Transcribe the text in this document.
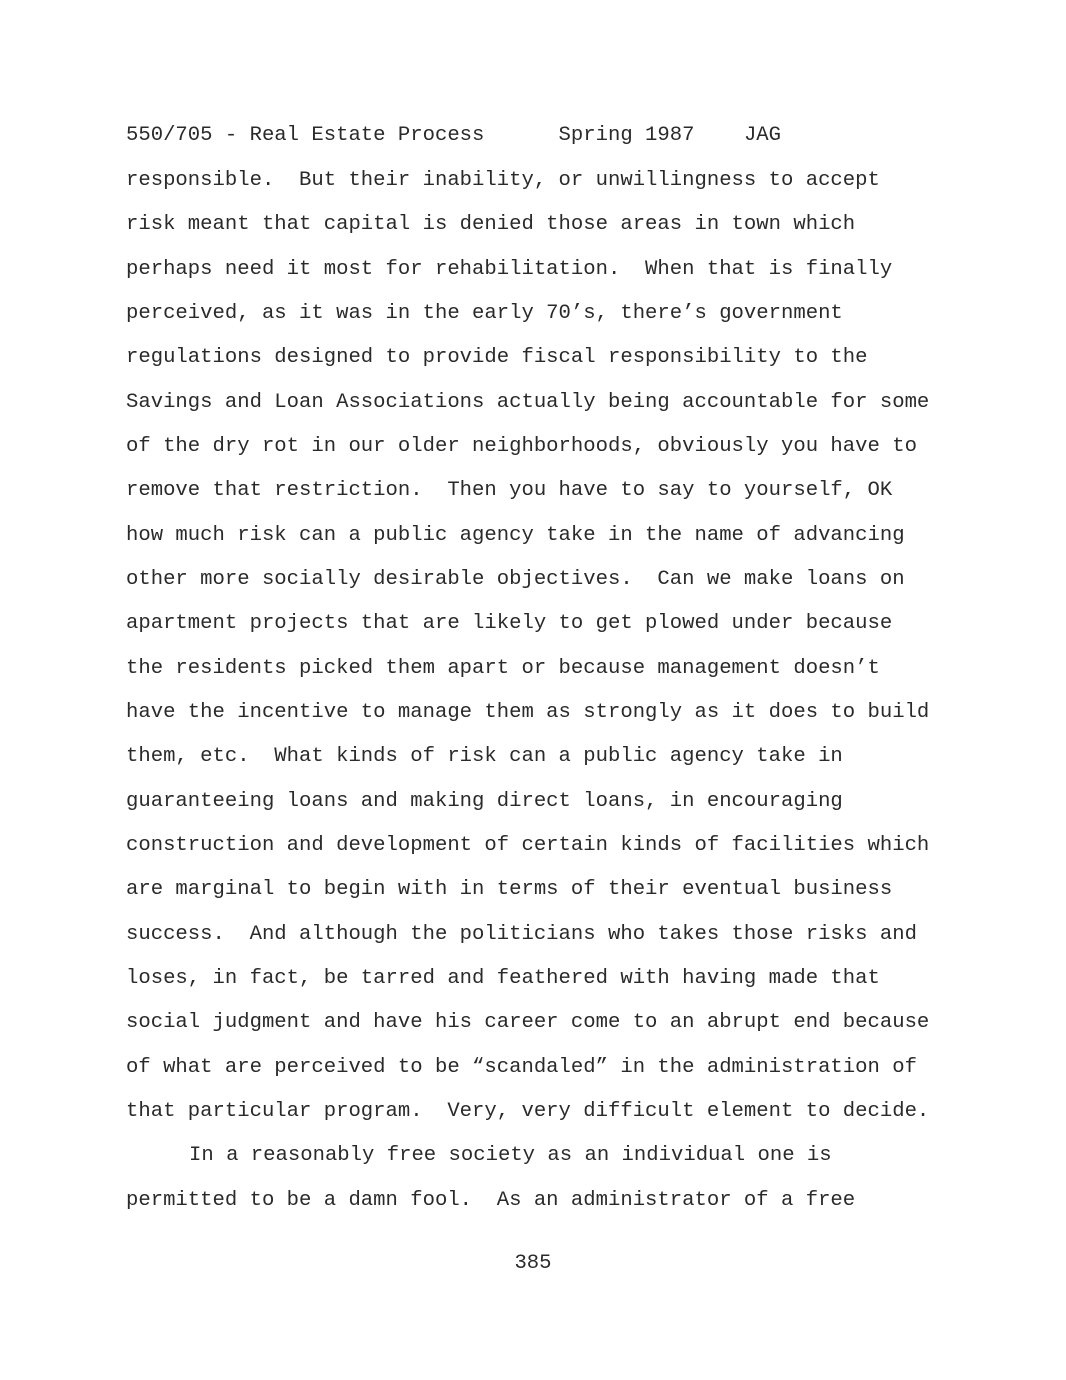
550/705 - Real Estate Process	Spring 1987 JAG
responsible.  But their inability, or unwillingness to accept
risk meant that capital is denied those areas in town which
perhaps need it most for rehabilitation.  When that is finally
perceived, as it was in the early 70’s, there’s government
regulations designed to provide fiscal responsibility to the
Savings and Loan Associations actually being accountable for some
of the dry rot in our older neighborhoods, obviously you have to
remove that restriction.  Then you have to say to yourself, OK
how much risk can a public agency take in the name of advancing
other more socially desirable objectives.  Can we make loans on
apartment projects that are likely to get plowed under because
the residents picked them apart or because management doesn’t
have the incentive to manage them as strongly as it does to build
them, etc.  What kinds of risk can a public agency take in
guaranteeing loans and making direct loans, in encouraging
construction and development of certain kinds of facilities which
are marginal to begin with in terms of their eventual business
success.  And although the politicians who takes those risks and
loses, in fact, be tarred and feathered with having made that
social judgment and have his career come to an abrupt end because
of what are perceived to be “scandaled” in the administration of
that particular program.  Very, very difficult element to decide.
In a reasonably free society as an individual one is
permitted to be a damn fool.  As an administrator of a free
385
